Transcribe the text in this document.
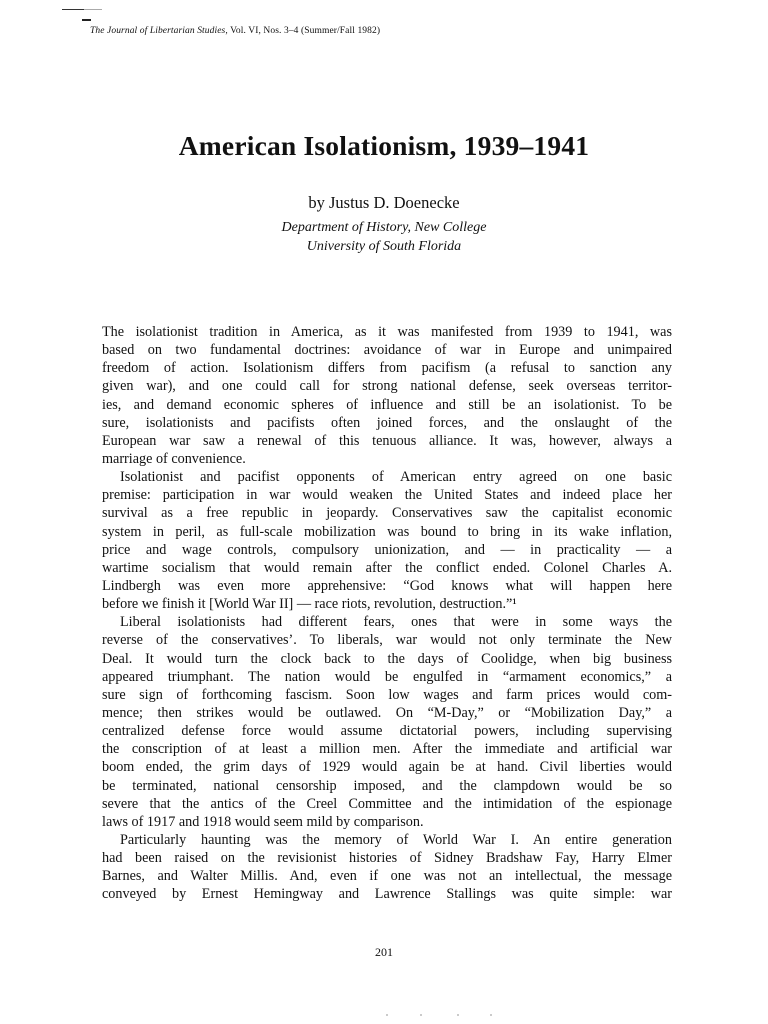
The Journal of Libertarian Studies, Vol. VI, Nos. 3–4 (Summer/Fall 1982)
American Isolationism, 1939–1941
by Justus D. Doenecke
Department of History, New College
University of South Florida
The isolationist tradition in America, as it was manifested from 1939 to 1941, was
based on two fundamental doctrines: avoidance of war in Europe and unimpaired
freedom of action. Isolationism differs from pacifism (a refusal to sanction any
given war), and one could call for strong national defense, seek overseas territor-
ies, and demand economic spheres of influence and still be an isolationist. To be
sure, isolationists and pacifists often joined forces, and the onslaught of the
European war saw a renewal of this tenuous alliance. It was, however, always a
marriage of convenience.
Isolationist and pacifist opponents of American entry agreed on one basic
premise: participation in war would weaken the United States and indeed place her
survival as a free republic in jeopardy. Conservatives saw the capitalist economic
system in peril, as full-scale mobilization was bound to bring in its wake inflation,
price and wage controls, compulsory unionization, and — in practicality — a
wartime socialism that would remain after the conflict ended. Colonel Charles A.
Lindbergh was even more apprehensive: “God knows what will happen here
before we finish it [World War II] — race riots, revolution, destruction.”¹
Liberal isolationists had different fears, ones that were in some ways the
reverse of the conservatives’. To liberals, war would not only terminate the New
Deal. It would turn the clock back to the days of Coolidge, when big business
appeared triumphant. The nation would be engulfed in “armament economics,” a
sure sign of forthcoming fascism. Soon low wages and farm prices would com-
mence; then strikes would be outlawed. On “M-Day,” or “Mobilization Day,” a
centralized defense force would assume dictatorial powers, including supervising
the conscription of at least a million men. After the immediate and artificial war
boom ended, the grim days of 1929 would again be at hand. Civil liberties would
be terminated, national censorship imposed, and the clampdown would be so
severe that the antics of the Creel Committee and the intimidation of the espionage
laws of 1917 and 1918 would seem mild by comparison.
Particularly haunting was the memory of World War I. An entire generation
had been raised on the revisionist histories of Sidney Bradshaw Fay, Harry Elmer
Barnes, and Walter Millis. And, even if one was not an intellectual, the message
conveyed by Ernest Hemingway and Lawrence Stallings was quite simple: war
201
